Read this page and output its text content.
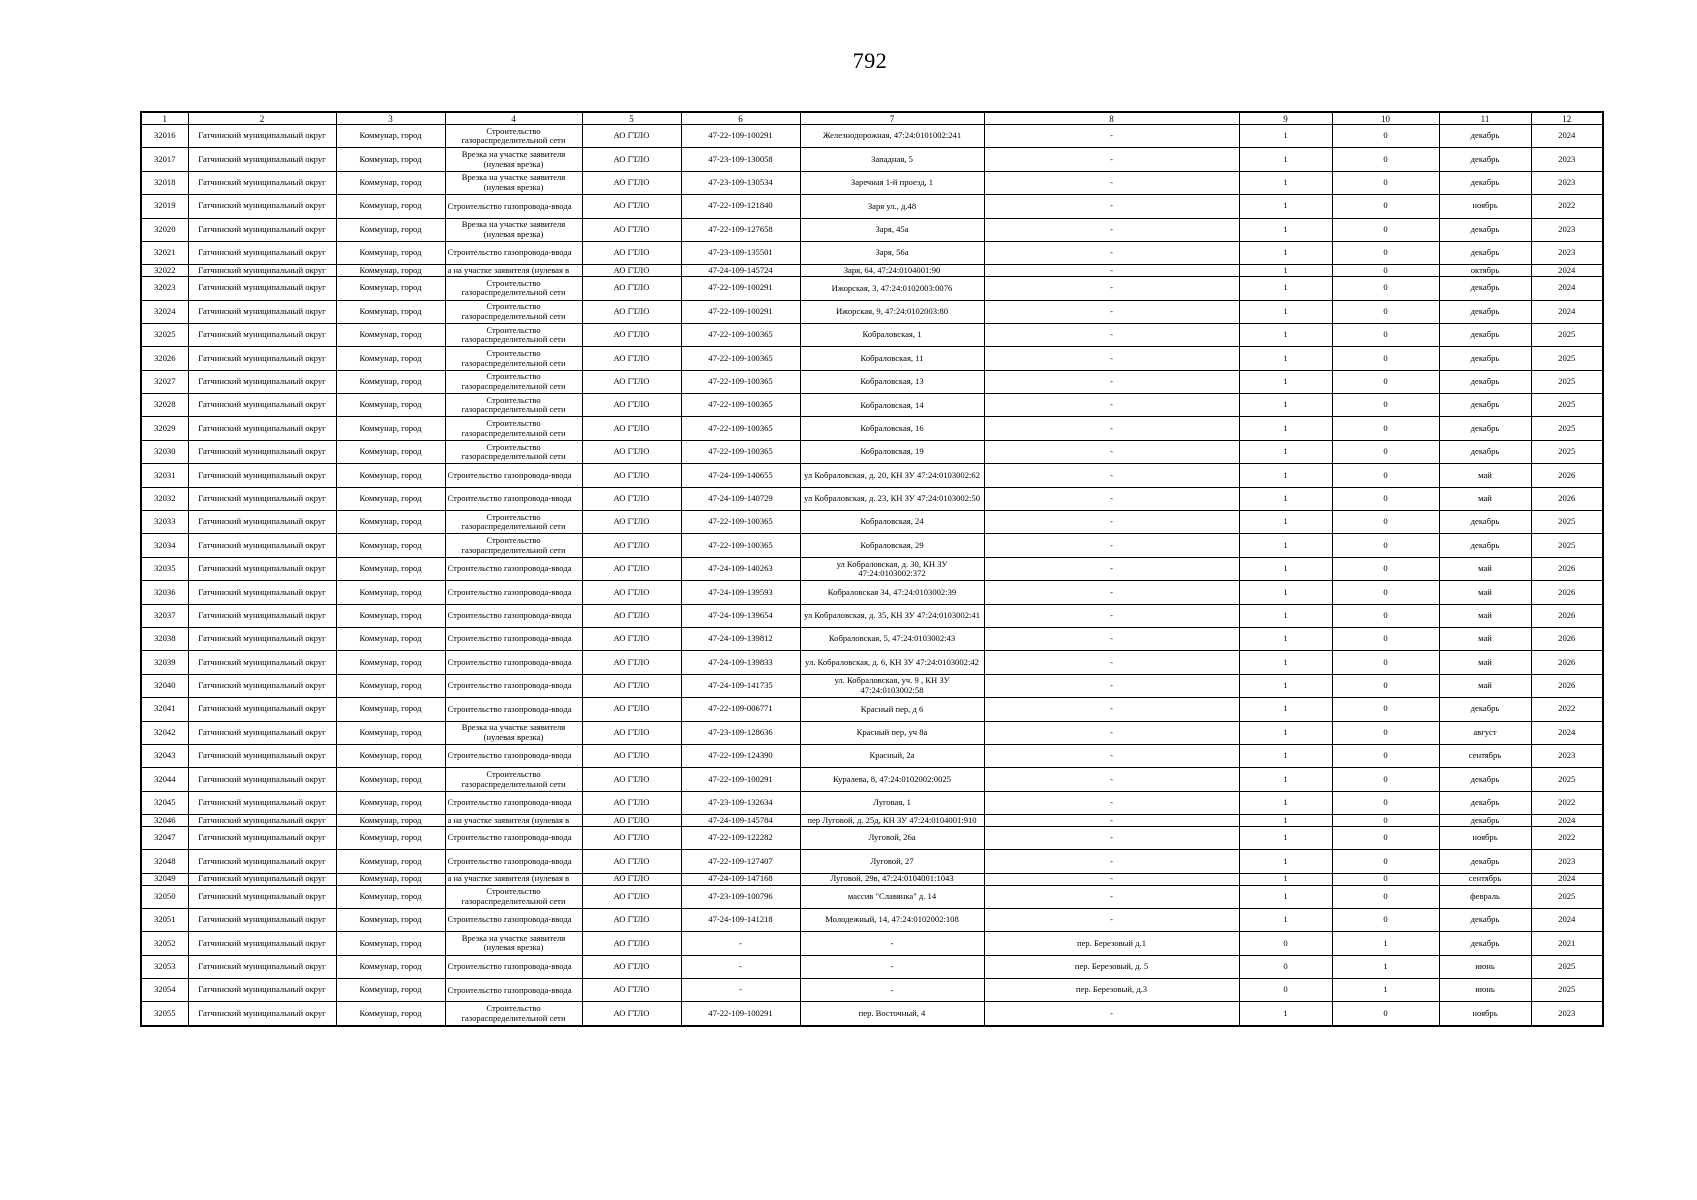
792
1	2	3	4	5	6	7	8	9	10	11	12
32016	Гатчинский муниципальный округ	Коммунар, город	Строительство газораспределительной сети	АО ГТЛО	47-22-109-100291	Железнодорожная, 47:24:0101002:241	-	1	0	декабрь	2024
32017	Гатчинский муниципальный округ	Коммунар, город	Врезка на участке заявителя (нулевая врезка)	АО ГТЛО	47-23-109-130058	Западная, 5	-	1	0	декабрь	2023
32018	Гатчинский муниципальный округ	Коммунар, город	Врезка на участке заявителя (нулевая врезка)	АО ГТЛО	47-23-109-130534	Заречная 1-й проезд, 1	-	1	0	декабрь	2023
32019	Гатчинский муниципальный округ	Коммунар, город	Строительство газопровода-ввода	АО ГТЛО	47-22-109-121840	Заря ул., д.48	-	1	0	ноябрь	2022
32020	Гатчинский муниципальный округ	Коммунар, город	Врезка на участке заявителя (нулевая врезка)	АО ГТЛО	47-22-109-127658	Заря, 45а	-	1	0	декабрь	2023
32021	Гатчинский муниципальный округ	Коммунар, город	Строительство газопровода-ввода	АО ГТЛО	47-23-109-135501	Заря, 56а	-	1	0	декабрь	2023
32022	Гатчинский муниципальный округ	Коммунар, город	а на участке заявителя (нулевая в	АО ГТЛО	47-24-109-145724	Заря, 64, 47:24:0104001:90	-	1	0	октябрь	2024
32023	Гатчинский муниципальный округ	Коммунар, город	Строительство газораспределительной сети	АО ГТЛО	47-22-109-100291	Ижорская, 3, 47:24:0102003:0076	-	1	0	декабрь	2024
32024	Гатчинский муниципальный округ	Коммунар, город	Строительство газораспределительной сети	АО ГТЛО	47-22-109-100291	Ижорская, 9, 47:24:0102003:80	-	1	0	декабрь	2024
32025	Гатчинский муниципальный округ	Коммунар, город	Строительство газораспределительной сети	АО ГТЛО	47-22-109-100365	Кобраловская, 1	-	1	0	декабрь	2025
32026	Гатчинский муниципальный округ	Коммунар, город	Строительство газораспределительной сети	АО ГТЛО	47-22-109-100365	Кобраловская, 11	-	1	0	декабрь	2025
32027	Гатчинский муниципальный округ	Коммунар, город	Строительство газораспределительной сети	АО ГТЛО	47-22-109-100365	Кобраловская, 13	-	1	0	декабрь	2025
32028	Гатчинский муниципальный округ	Коммунар, город	Строительство газораспределительной сети	АО ГТЛО	47-22-109-100365	Кобраловская, 14	-	1	0	декабрь	2025
32029	Гатчинский муниципальный округ	Коммунар, город	Строительство газораспределительной сети	АО ГТЛО	47-22-109-100365	Кобраловская, 16	-	1	0	декабрь	2025
32030	Гатчинский муниципальный округ	Коммунар, город	Строительство газораспределительной сети	АО ГТЛО	47-22-109-100365	Кобраловская, 19	-	1	0	декабрь	2025
32031	Гатчинский муниципальный округ	Коммунар, город	Строительство газопровода-ввода	АО ГТЛО	47-24-109-140655	ул Кобраловская, д. 20, КН ЗУ 47:24:0103002:62	-	1	0	май	2026
32032	Гатчинский муниципальный округ	Коммунар, город	Строительство газопровода-ввода	АО ГТЛО	47-24-109-140729	ул Кобраловская, д. 23, КН ЗУ 47:24:0103002:50	-	1	0	май	2026
32033	Гатчинский муниципальный округ	Коммунар, город	Строительство газораспределительной сети	АО ГТЛО	47-22-109-100365	Кобраловская, 24	-	1	0	декабрь	2025
32034	Гатчинский муниципальный округ	Коммунар, город	Строительство газораспределительной сети	АО ГТЛО	47-22-109-100365	Кобраловская, 29	-	1	0	декабрь	2025
32035	Гатчинский муниципальный округ	Коммунар, город	Строительство газопровода-ввода	АО ГТЛО	47-24-109-140263	ул Кобраловская, д. 30, КН ЗУ 47:24:0103002:372	-	1	0	май	2026
32036	Гатчинский муниципальный округ	Коммунар, город	Строительство газопровода-ввода	АО ГТЛО	47-24-109-139593	Кобраловская 34, 47:24:0103002:39	-	1	0	май	2026
32037	Гатчинский муниципальный округ	Коммунар, город	Строительство газопровода-ввода	АО ГТЛО	47-24-109-139654	ул Кобраловская, д. 35, КН ЗУ 47:24:0103002:41	-	1	0	май	2026
32038	Гатчинский муниципальный округ	Коммунар, город	Строительство газопровода-ввода	АО ГТЛО	47-24-109-139812	Кобраловская, 5, 47:24:0103002:43	-	1	0	май	2026
32039	Гатчинский муниципальный округ	Коммунар, город	Строительство газопровода-ввода	АО ГТЛО	47-24-109-139833	ул. Кобраловская, д. 6, КН ЗУ 47:24:0103002:42	-	1	0	май	2026
32040	Гатчинский муниципальный округ	Коммунар, город	Строительство газопровода-ввода	АО ГТЛО	47-24-109-141735	ул. Кобраловская, уч. 9 , КН ЗУ 47:24:0103002:58	-	1	0	май	2026
32041	Гатчинский муниципальный округ	Коммунар, город	Строительство газопровода-ввода	АО ГТЛО	47-22-109-006771	Красный пер, д 6	-	1	0	декабрь	2022
32042	Гатчинский муниципальный округ	Коммунар, город	Врезка на участке заявителя (нулевая врезка)	АО ГТЛО	47-23-109-128636	Красный пер, уч 8а	-	1	0	август	2024
32043	Гатчинский муниципальный округ	Коммунар, город	Строительство газопровода-ввода	АО ГТЛО	47-22-109-124390	Красный, 2а	-	1	0	сентябрь	2023
32044	Гатчинский муниципальный округ	Коммунар, город	Строительство газораспределительной сети	АО ГТЛО	47-22-109-100291	Куралева, 8, 47:24:0102002:0025	-	1	0	декабрь	2025
32045	Гатчинский муниципальный округ	Коммунар, город	Строительство газопровода-ввода	АО ГТЛО	47-23-109-132634	Луговая, 1	-	1	0	декабрь	2022
32046	Гатчинский муниципальный округ	Коммунар, город	а на участке заявителя (нулевая в	АО ГТЛО	47-24-109-145784	пер Луговой, д. 25д, КН ЗУ 47:24:0104001:910	-	1	0	декабрь	2024
32047	Гатчинский муниципальный округ	Коммунар, город	Строительство газопровода-ввода	АО ГТЛО	47-22-109-122282	Луговой, 26а	-	1	0	ноябрь	2022
32048	Гатчинский муниципальный округ	Коммунар, город	Строительство газопровода-ввода	АО ГТЛО	47-22-109-127407	Луговой, 27	-	1	0	декабрь	2023
32049	Гатчинский муниципальный округ	Коммунар, город	а на участке заявителя (нулевая в	АО ГТЛО	47-24-109-147168	Луговой, 29в, 47:24:0104001:1043	-	1	0	сентябрь	2024
32050	Гатчинский муниципальный округ	Коммунар, город	Строительство газораспределительной сети	АО ГТЛО	47-23-109-100796	массив "Славянка" д. 14	-	1	0	февраль	2025
32051	Гатчинский муниципальный округ	Коммунар, город	Строительство газопровода-ввода	АО ГТЛО	47-24-109-141218	Молодежный, 14, 47:24:0102002:108	-	1	0	декабрь	2024
32052	Гатчинский муниципальный округ	Коммунар, город	Врезка на участке заявителя (нулевая врезка)	АО ГТЛО	-	-	пер. Березовый д.1	0	1	декабрь	2021
32053	Гатчинский муниципальный округ	Коммунар, город	Строительство газопровода-ввода	АО ГТЛО	-	-	пер. Березовый, д. 5	0	1	июнь	2025
32054	Гатчинский муниципальный округ	Коммунар, город	Строительство газопровода-ввода	АО ГТЛО	-	-	пер. Березовый, д.3	0	1	июнь	2025
32055	Гатчинский муниципальный округ	Коммунар, город	Строительство газораспределительной сети	АО ГТЛО	47-22-109-100291	пер. Восточный, 4	-	1	0	ноябрь	2023
